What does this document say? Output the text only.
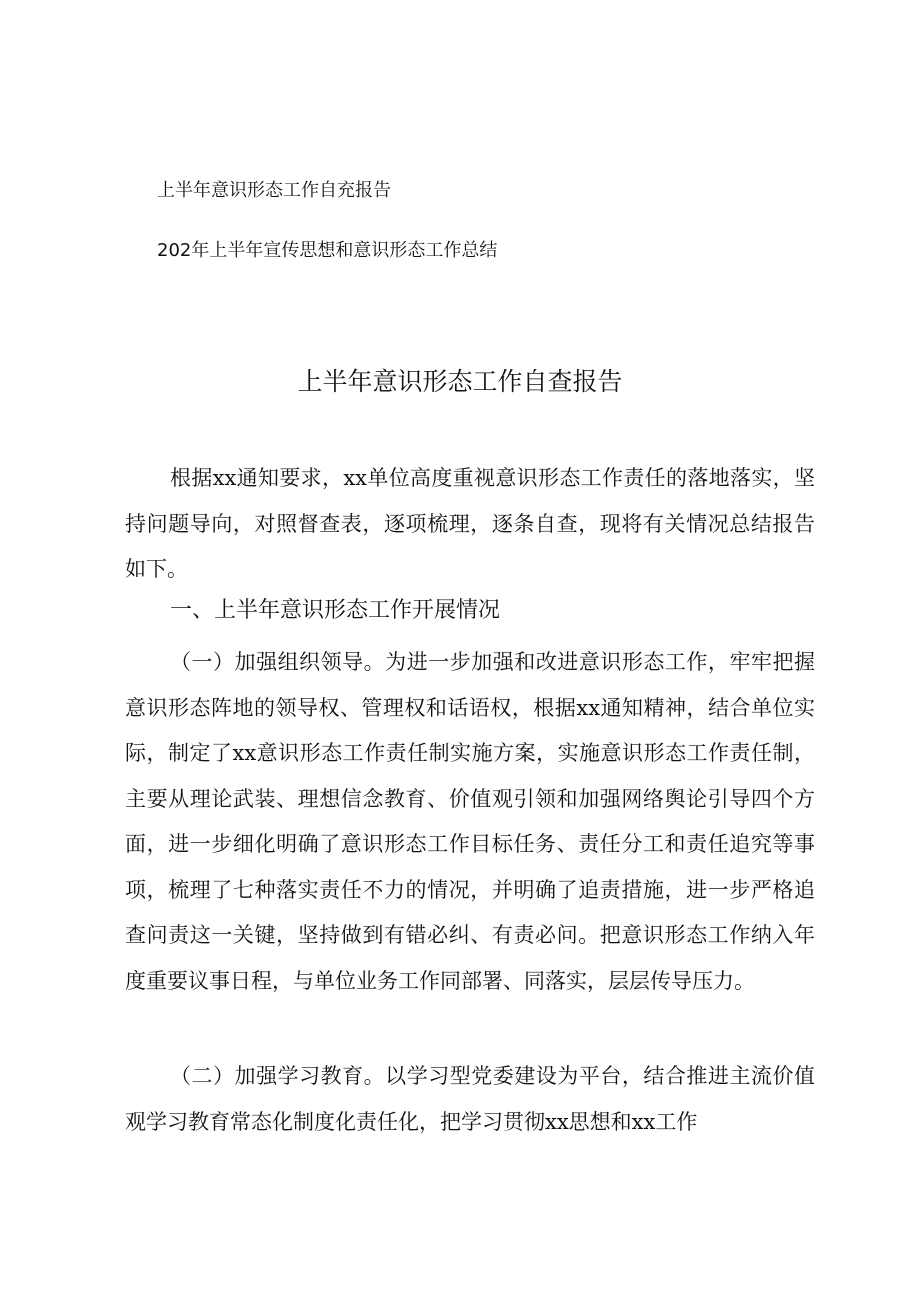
上半年意识形态工作自充报告
202年上半年宣传思想和意识形态工作总结
上半年意识形态工作自查报告

根据xx通知要求，xx单位高度重视意识形态工作责任的落地落实，坚持问题导向，对照督查表，逐项梳理，逐条自查，现将有关情况总结报告如下。

一、上半年意识形态工作开展情况

（一）加强组织领导。为进一步加强和改进意识形态工作，牢牢把握意识形态阵地的领导权、管理权和话语权，根据xx通知精神，结合单位实际，制定了xx意识形态工作责任制实施方案，实施意识形态工作责任制，主要从理论武装、理想信念教育、价值观引领和加强网络舆论引导四个方面，进一步细化明确了意识形态工作目标任务、责任分工和责任追究等事项，梳理了七种落实责任不力的情况，并明确了追责措施，进一步严格追查问责这一关键，坚持做到有错必纠、有责必问。把意识形态工作纳入年度重要议事日程，与单位业务工作同部署、同落实，层层传导压力。

（二）加强学习教育。以学习型党委建设为平台，结合推进主流价值观学习教育常态化制度化责任化，把学习贯彻xx思想和xx工作
